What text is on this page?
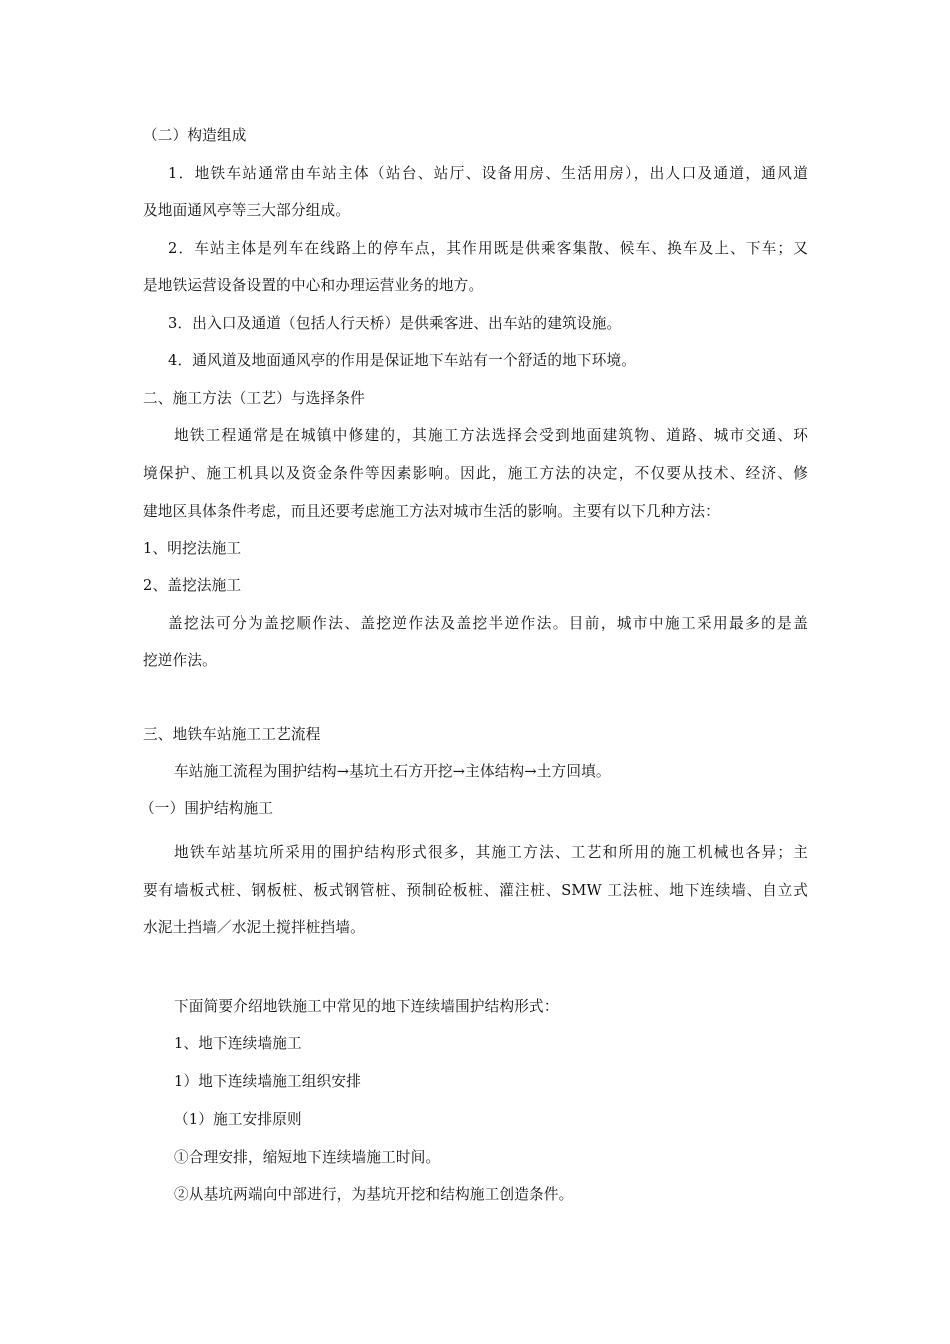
（二）构造组成
1．地铁车站通常由车站主体（站台、站厅、设备用房、生活用房），出人口及通道，通风道
及地面通风亭等三大部分组成。
2．车站主体是列车在线路上的停车点，其作用既是供乘客集散、候车、换车及上、下车；又
是地铁运营设备设置的中心和办理运营业务的地方。
3．出入口及通道（包括人行天桥）是供乘客进、出车站的建筑设施。
4．通风道及地面通风亭的作用是保证地下车站有一个舒适的地下环境。
二、施工方法（工艺）与选择条件
地铁工程通常是在城镇中修建的，其施工方法选择会受到地面建筑物、道路、城市交通、环
境保护、施工机具以及资金条件等因素影响。因此，施工方法的决定，不仅要从技术、经济、修
建地区具体条件考虑，而且还要考虑施工方法对城市生活的影响。主要有以下几种方法：
1、明挖法施工
2、盖挖法施工
盖挖法可分为盖挖顺作法、盖挖逆作法及盖挖半逆作法。目前，城市中施工采用最多的是盖
挖逆作法。
三、地铁车站施工工艺流程
车站施工流程为围护结构→基坑土石方开挖→主体结构→土方回填。
（一）围护结构施工
地铁车站基坑所采用的围护结构形式很多，其施工方法、工艺和所用的施工机械也各异；主
要有墙板式桩、钢板桩、板式钢管桩、预制砼板桩、灌注桩、SMW 工法桩、地下连续墙、自立式
水泥土挡墙／水泥土搅拌桩挡墙。
下面简要介绍地铁施工中常见的地下连续墙围护结构形式：
1、地下连续墙施工
1）地下连续墙施工组织安排
（1）施工安排原则
①合理安排，缩短地下连续墙施工时间。
②从基坑两端向中部进行，为基坑开挖和结构施工创造条件。
